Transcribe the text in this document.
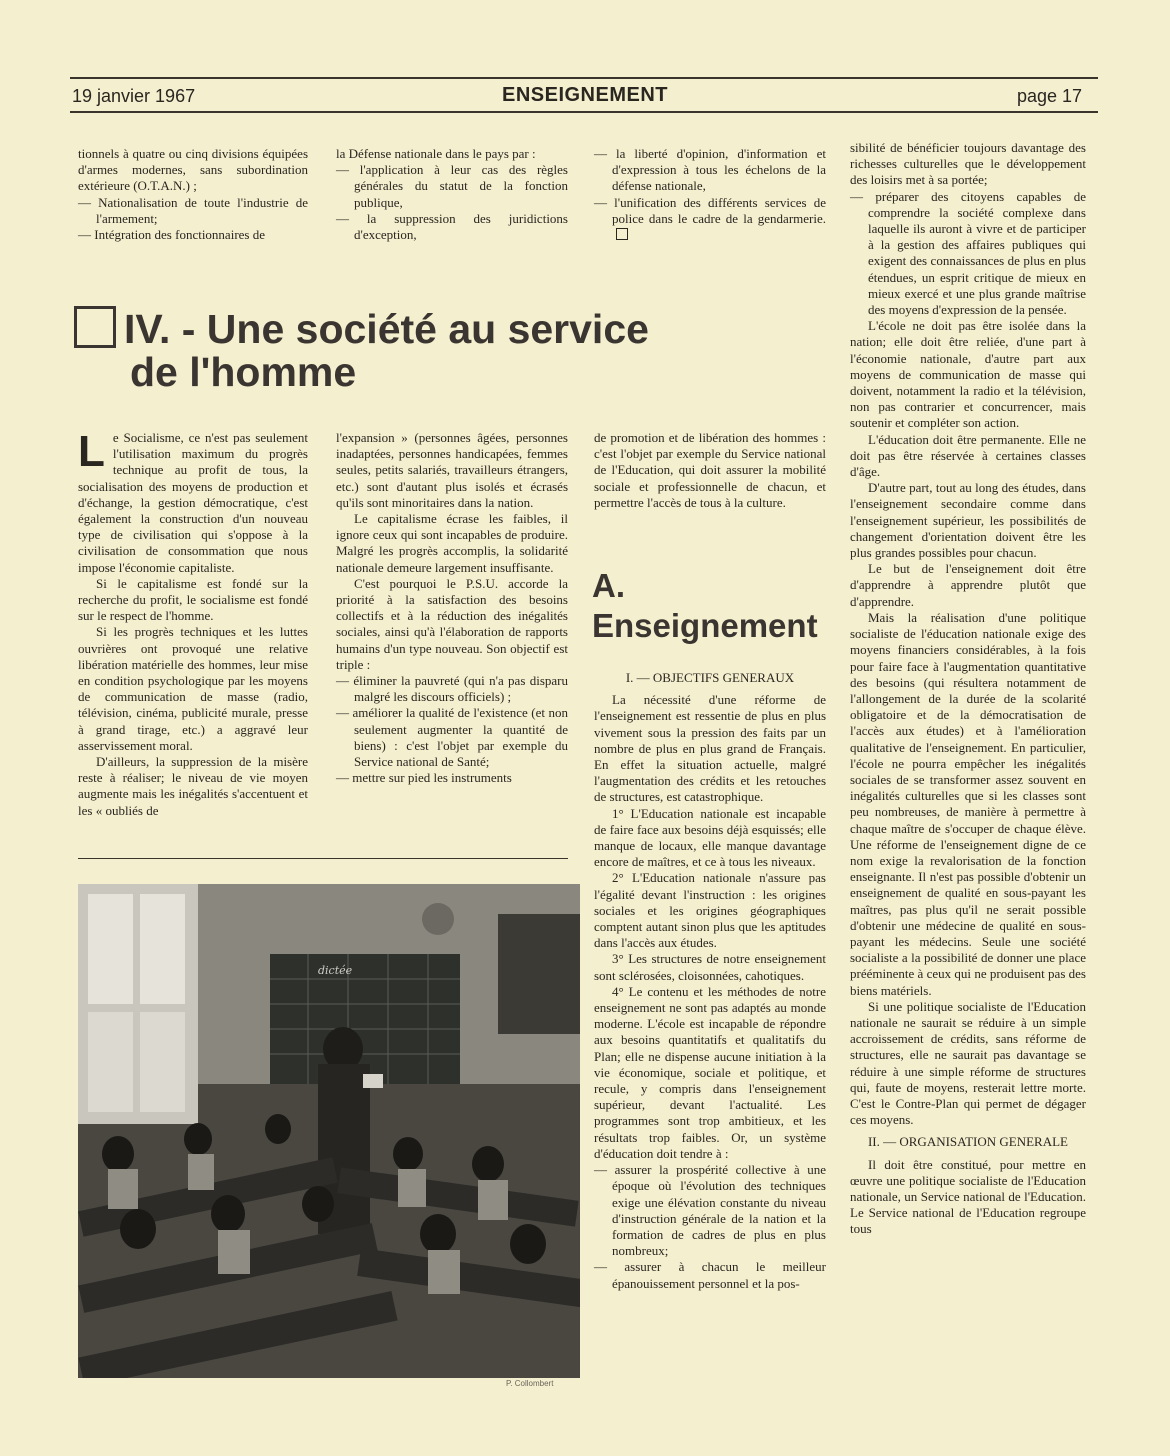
19 janvier 1967	ENSEIGNEMENT	page 17

tionnels à quatre ou cinq divisions équipées d'armes modernes, sans subordination extérieure (O.T.A.N.) ;

— Nationalisation de toute l'industrie de l'armement;

— Intégration des fonctionnaires de

la Défense nationale dans le pays par :

— l'application à leur cas des règles générales du statut de la fonction publique,

— la suppression des juridictions d'exception,

— la liberté d'opinion, d'information et d'expression à tous les échelons de la défense nationale,

— l'unification des différents services de police dans le cadre de la gendarmerie.

IV. - Une société au service
de l'homme

Le Socialisme, ce n'est pas seulement l'utilisation maximum du progrès technique au profit de tous, la socialisation des moyens de production et d'échange, la gestion démocratique, c'est également la construction d'un nouveau type de civilisation qui s'oppose à la civilisation de consommation que nous impose l'économie capitaliste.

Si le capitalisme est fondé sur la recherche du profit, le socialisme est fondé sur le respect de l'homme.

Si les progrès techniques et les luttes ouvrières ont provoqué une relative libération matérielle des hommes, leur mise en condition psychologique par les moyens de communication de masse (radio, télévision, cinéma, publicité murale, presse à grand tirage, etc.) a aggravé leur asservissement moral.

D'ailleurs, la suppression de la misère reste à réaliser; le niveau de vie moyen augmente mais les inégalités s'accentuent et les « oubliés de

l'expansion » (personnes âgées, personnes inadaptées, personnes handicapées, femmes seules, petits salariés, travailleurs étrangers, etc.) sont d'autant plus isolés et écrasés qu'ils sont minoritaires dans la nation.

Le capitalisme écrase les faibles, il ignore ceux qui sont incapables de produire. Malgré les progrès accomplis, la solidarité nationale demeure largement insuffisante.

C'est pourquoi le P.S.U. accorde la priorité à la satisfaction des besoins collectifs et à la réduction des inégalités sociales, ainsi qu'à l'élaboration de rapports humains d'un type nouveau. Son objectif est triple :

— éliminer la pauvreté (qui n'a pas disparu malgré les discours officiels) ;

— améliorer la qualité de l'existence (et non seulement augmenter la quantité de biens) : c'est l'objet par exemple du Service national de Santé;

— mettre sur pied les instruments

de promotion et de libération des hommes : c'est l'objet par exemple du Service national de l'Education, qui doit assurer la mobilité sociale et professionnelle de chacun, et permettre l'accès de tous à la culture.

A.
Enseignement

I. — OBJECTIFS GENERAUX

La nécessité d'une réforme de l'enseignement est ressentie de plus en plus vivement sous la pression des faits par un nombre de plus en plus grand de Français. En effet la situation actuelle, malgré l'augmentation des crédits et les retouches de structures, est catastrophique.

1° L'Education nationale est incapable de faire face aux besoins déjà esquissés; elle manque de locaux, elle manque davantage encore de maîtres, et ce à tous les niveaux.

2° L'Education nationale n'assure pas l'égalité devant l'instruction : les origines sociales et les origines géographiques comptent autant sinon plus que les aptitudes dans l'accès aux études.

3° Les structures de notre enseignement sont sclérosées, cloisonnées, cahotiques.

4° Le contenu et les méthodes de notre enseignement ne sont pas adaptés au monde moderne. L'école est incapable de répondre aux besoins quantitatifs et qualitatifs du Plan; elle ne dispense aucune initiation à la vie économique, sociale et politique, et recule, y compris dans l'enseignement supérieur, devant l'actualité. Les programmes sont trop ambitieux, et les résultats trop faibles. Or, un système d'éducation doit tendre à :

— assurer la prospérité collective à une époque où l'évolution des techniques exige une élévation constante du niveau d'instruction générale de la nation et la formation de cadres de plus en plus nombreux;

— assurer à chacun le meilleur épanouissement personnel et la pos-

sibilité de bénéficier toujours davantage des richesses culturelles que le développement des loisirs met à sa portée;

— préparer des citoyens capables de comprendre la société complexe dans laquelle ils auront à vivre et de participer à la gestion des affaires publiques qui exigent des connaissances de plus en plus étendues, un esprit critique de mieux en mieux exercé et une plus grande maîtrise des moyens d'expression de la pensée.

L'école ne doit pas être isolée dans la nation; elle doit être reliée, d'une part à l'économie nationale, d'autre part aux moyens de communication de masse qui doivent, notamment la radio et la télévision, non pas contrarier et concurrencer, mais soutenir et compléter son action.

L'éducation doit être permanente. Elle ne doit pas être réservée à certaines classes d'âge.

D'autre part, tout au long des études, dans l'enseignement secondaire comme dans l'enseignement supérieur, les possibilités de changement d'orientation doivent être les plus grandes possibles pour chacun.

Le but de l'enseignement doit être d'apprendre à apprendre plutôt que d'apprendre.

Mais la réalisation d'une politique socialiste de l'éducation nationale exige des moyens financiers considérables, à la fois pour faire face à l'augmentation quantitative des besoins (qui résultera notamment de l'allongement de la durée de la scolarité obligatoire et de la démocratisation de l'accès aux études) et à l'amélioration qualitative de l'enseignement. En particulier, l'école ne pourra empêcher les inégalités sociales de se transformer assez souvent en inégalités culturelles que si les classes sont peu nombreuses, de manière à permettre à chaque maître de s'occuper de chaque élève. Une réforme de l'enseignement digne de ce nom exige la revalorisation de la fonction enseignante. Il n'est pas possible d'obtenir un enseignement de qualité en sous-payant les maîtres, pas plus qu'il ne serait possible d'obtenir une médecine de qualité en sous-payant les médecins. Seule une société socialiste a la possibilité de donner une place prééminente à ceux qui ne produisent pas des biens matériels.

Si une politique socialiste de l'Education nationale ne saurait se réduire à un simple accroissement de crédits, sans réforme de structures, elle ne saurait pas davantage se réduire à une simple réforme de structures qui, faute de moyens, resterait lettre morte. C'est le Contre-Plan qui permet de dégager ces moyens.

II. — ORGANISATION GENERALE

Il doit être constitué, pour mettre en œuvre une politique socialiste de l'Education nationale, un Service national de l'Education. Le Service national de l'Education regroupe tous

dictée
P. Collombert
